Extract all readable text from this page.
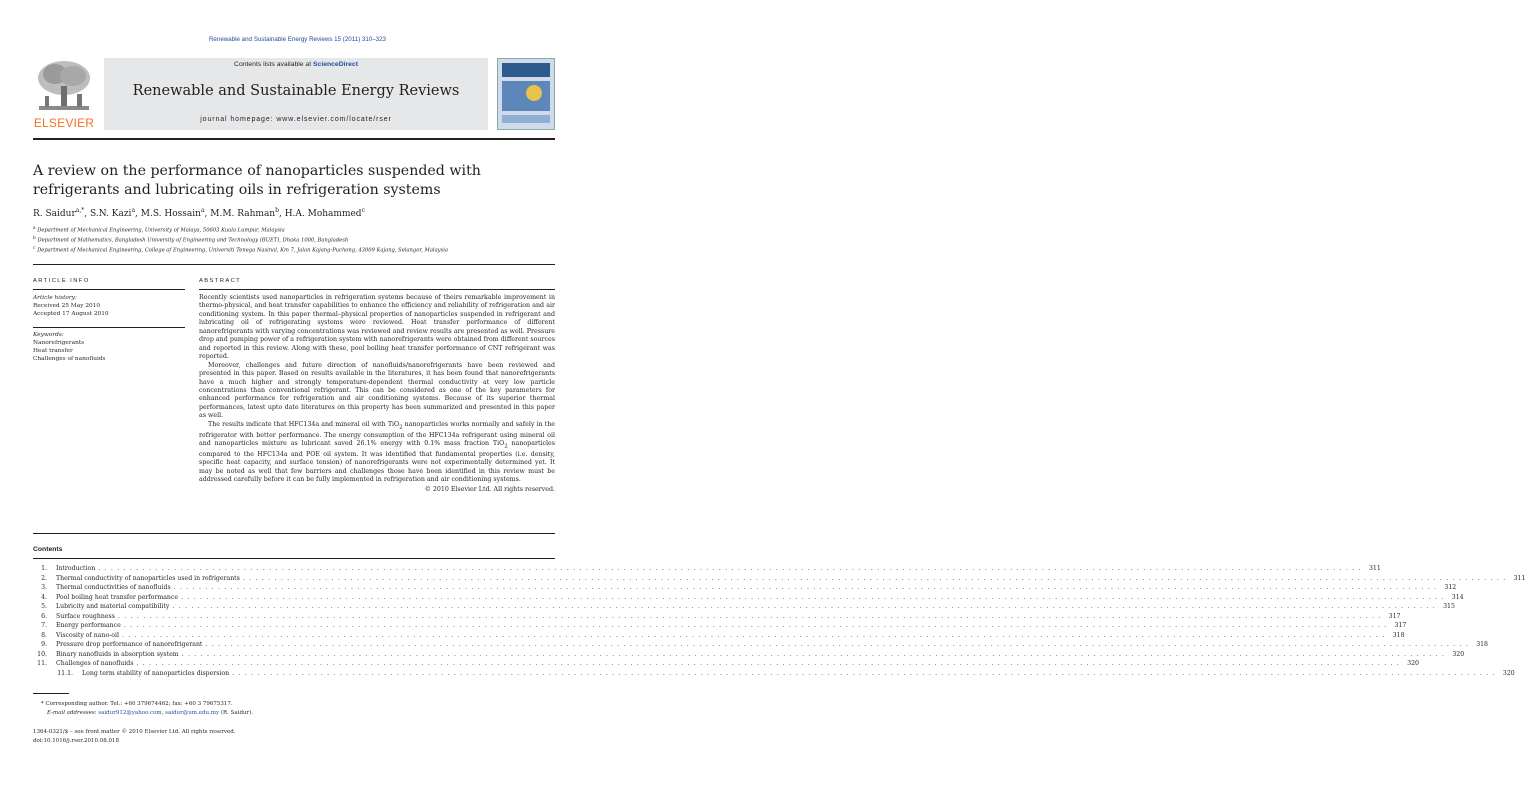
Renewable and Sustainable Energy Reviews 15 (2011) 310–323
ELSEVIER
Contents lists available at ScienceDirect
Renewable and Sustainable Energy Reviews
journal homepage: www.elsevier.com/locate/rser
A review on the performance of nanoparticles suspended with refrigerants and lubricating oils in refrigeration systems
R. Saidur$^{a,*}$, S.N. Kazi$^a$, M.S. Hossain$^a$, M.M. Rahman$^b$, H.A. Mohammed$^c$
$^a$ Department of Mechanical Engineering, University of Malaya, 50603 Kuala Lumpur, Malaysia
$^b$ Department of Mathematics, Bangladesh University of Engineering and Technology (BUET), Dhaka 1000, Bangladesh
$^c$ Department of Mechanical Engineering, College of Engineering, Universiti Tenega Nasinal, Km 7, Jalan Kajang-Puchong, 43009 Kajang, Selangor, Malaysia
ARTICLE INFO	ABSTRACT
Article history:
Received 25 May 2010
Accepted 17 August 2010
Keywords:
Nanorefrigerants
Heat transfer
Challenges of nanofluids

Recently scientists used nanoparticles in refrigeration systems because of theirs remarkable improvement in thermo-physical, and heat transfer capabilities to enhance the efficiency and reliability of refrigeration and air conditioning system. In this paper thermal–physical properties of nanoparticles suspended in refrigerant and lubricating oil of refrigerating systems were reviewed. Heat transfer performance of different nanorefrigerants with varying concentrations was reviewed and review results are presented as well. Pressure drop and pumping power of a refrigeration system with nanorefrigerants were obtained from different sources and reported in this review. Along with these, pool boiling heat transfer performance of CNT refrigerant was reported.

Moreover, challenges and future direction of nanofluids/nanorefrigerants have been reviewed and presented in this paper. Based on results available in the literatures, it has been found that nanorefrigerants have a much higher and strongly temperature-dependent thermal conductivity at very low particle concentrations than conventional refrigerant. This can be considered as one of the key parameters for enhanced performance for refrigeration and air conditioning systems. Because of its superior thermal performances, latest upto date literatures on this property has been summarized and presented in this paper as well.

The results indicate that HFC134a and mineral oil with TiO$_2$ nanoparticles works normally and safely in the refrigerator with better performance. The energy consumption of the HFC134a refrigerant using mineral oil and nanoparticles mixture as lubricant saved 26.1% energy with 0.1% mass fraction TiO$_2$ nanoparticles compared to the HFC134a and POE oil system. It was identified that fundamental properties (i.e. density, specific heat capacity, and surface tension) of nanorefrigerants were not experimentally determined yet. It may be noted as well that few barriers and challenges those have been identified in this review must be addressed carefully before it can be fully implemented in refrigeration and air conditioning systems.

© 2010 Elsevier Ltd. All rights reserved.

Contents
1. Introduction . . . . . . . . . . . . . . . . . . . . . . . . . . . . . . . . . . . . . . . . . . . . . . . . . . . . . . . . . . . . . . . . . . . . . . . . . . . . . . . . . . . . . . . . . . . . . . . . . . . . . . . . . . . . . . . . . . . . . . . . . . . . . . . . . . . . . . . . . . . . . . . . . . . . . . . . . . . . . . . . . . . . . . . . . . . . . . . . . . . . . . . . . . . . . . . . . . . . . . . .	311
2. Thermal conductivity of nanoparticles used in refrigerants . . . . . . . . . . . . . . . . . . . . . . . . . . . . . . . . . . . . . . . . . . . . . . . . . . . . . . . . . . . . . . . . . . . . . . . . . . . . . . . . . . . . . . . . . . . . . . . . . . . . . . . . . . . . . . . . . . . . . . . . . . . . . . . . . . . . . . . . . . . . . . . . . . . . . . . . . . . . . . . . . . . . . . . . . . . . . . . . . . . . . . . . . . . . . . . . . . . . . . . .	311
3. Thermal conductivities of nanofluids . . . . . . . . . . . . . . . . . . . . . . . . . . . . . . . . . . . . . . . . . . . . . . . . . . . . . . . . . . . . . . . . . . . . . . . . . . . . . . . . . . . . . . . . . . . . . . . . . . . . . . . . . . . . . . . . . . . . . . . . . . . . . . . . . . . . . . . . . . . . . . . . . . . . . . . . . . . . . . . . . . . . . . . . . . . . . . . . . . . . . . . . . . . . . . . . . . . . . . . .	312
4. Pool boiling heat transfer performance . . . . . . . . . . . . . . . . . . . . . . . . . . . . . . . . . . . . . . . . . . . . . . . . . . . . . . . . . . . . . . . . . . . . . . . . . . . . . . . . . . . . . . . . . . . . . . . . . . . . . . . . . . . . . . . . . . . . . . . . . . . . . . . . . . . . . . . . . . . . . . . . . . . . . . . . . . . . . . . . . . . . . . . . . . . . . . . . . . . . . . . . . . . . . . . . . . . . . . . .	314
5. Lubricity and material compatibility . . . . . . . . . . . . . . . . . . . . . . . . . . . . . . . . . . . . . . . . . . . . . . . . . . . . . . . . . . . . . . . . . . . . . . . . . . . . . . . . . . . . . . . . . . . . . . . . . . . . . . . . . . . . . . . . . . . . . . . . . . . . . . . . . . . . . . . . . . . . . . . . . . . . . . . . . . . . . . . . . . . . . . . . . . . . . . . . . . . . . . . . . . . . . . . . . . . . . . . .	315
6. Surface roughness . . . . . . . . . . . . . . . . . . . . . . . . . . . . . . . . . . . . . . . . . . . . . . . . . . . . . . . . . . . . . . . . . . . . . . . . . . . . . . . . . . . . . . . . . . . . . . . . . . . . . . . . . . . . . . . . . . . . . . . . . . . . . . . . . . . . . . . . . . . . . . . . . . . . . . . . . . . . . . . . . . . . . . . . . . . . . . . . . . . . . . . . . . . . . . . . . . . . . . . .	317
7. Energy performance . . . . . . . . . . . . . . . . . . . . . . . . . . . . . . . . . . . . . . . . . . . . . . . . . . . . . . . . . . . . . . . . . . . . . . . . . . . . . . . . . . . . . . . . . . . . . . . . . . . . . . . . . . . . . . . . . . . . . . . . . . . . . . . . . . . . . . . . . . . . . . . . . . . . . . . . . . . . . . . . . . . . . . . . . . . . . . . . . . . . . . . . . . . . . . . . . . . . . . . .	317
8. Viscosity of nano-oil . . . . . . . . . . . . . . . . . . . . . . . . . . . . . . . . . . . . . . . . . . . . . . . . . . . . . . . . . . . . . . . . . . . . . . . . . . . . . . . . . . . . . . . . . . . . . . . . . . . . . . . . . . . . . . . . . . . . . . . . . . . . . . . . . . . . . . . . . . . . . . . . . . . . . . . . . . . . . . . . . . . . . . . . . . . . . . . . . . . . . . . . . . . . . . . . . . . . . . . .	318
9. Pressure drop performance of nanorefrigerant . . . . . . . . . . . . . . . . . . . . . . . . . . . . . . . . . . . . . . . . . . . . . . . . . . . . . . . . . . . . . . . . . . . . . . . . . . . . . . . . . . . . . . . . . . . . . . . . . . . . . . . . . . . . . . . . . . . . . . . . . . . . . . . . . . . . . . . . . . . . . . . . . . . . . . . . . . . . . . . . . . . . . . . . . . . . . . . . . . . . . . . . . . . . . . . . . . . . . . . .	318
10. Binary nanofluids in absorption system . . . . . . . . . . . . . . . . . . . . . . . . . . . . . . . . . . . . . . . . . . . . . . . . . . . . . . . . . . . . . . . . . . . . . . . . . . . . . . . . . . . . . . . . . . . . . . . . . . . . . . . . . . . . . . . . . . . . . . . . . . . . . . . . . . . . . . . . . . . . . . . . . . . . . . . . . . . . . . . . . . . . . . . . . . . . . . . . . . . . . . . . . . . . . . . . . . . . . . . .	320
11. Challenges of nanofluids . . . . . . . . . . . . . . . . . . . . . . . . . . . . . . . . . . . . . . . . . . . . . . . . . . . . . . . . . . . . . . . . . . . . . . . . . . . . . . . . . . . . . . . . . . . . . . . . . . . . . . . . . . . . . . . . . . . . . . . . . . . . . . . . . . . . . . . . . . . . . . . . . . . . . . . . . . . . . . . . . . . . . . . . . . . . . . . . . . . . . . . . . . . . . . . . . . . . . . . .	320
11.1. Long term stability of nanoparticles dispersion . . . . . . . . . . . . . . . . . . . . . . . . . . . . . . . . . . . . . . . . . . . . . . . . . . . . . . . . . . . . . . . . . . . . . . . . . . . . . . . . . . . . . . . . . . . . . . . . . . . . . . . . . . . . . . . . . . . . . . . . . . . . . . . . . . . . . . . . . . . . . . . . . . . . . . . . . . . . . . . . . . . . . . . . . . . . . . . . . . . . . . . . . . . . . . . . . . . . . . . .	320
* Corresponding author. Tel.: +60 379674462; fax: +60 3 79675317.
E-mail addresses: saidur912@yahoo.com, saidur@um.edu.my (R. Saidur).
1364-0321/$ – see front matter © 2010 Elsevier Ltd. All rights reserved.
doi:10.1016/j.rser.2010.08.018
